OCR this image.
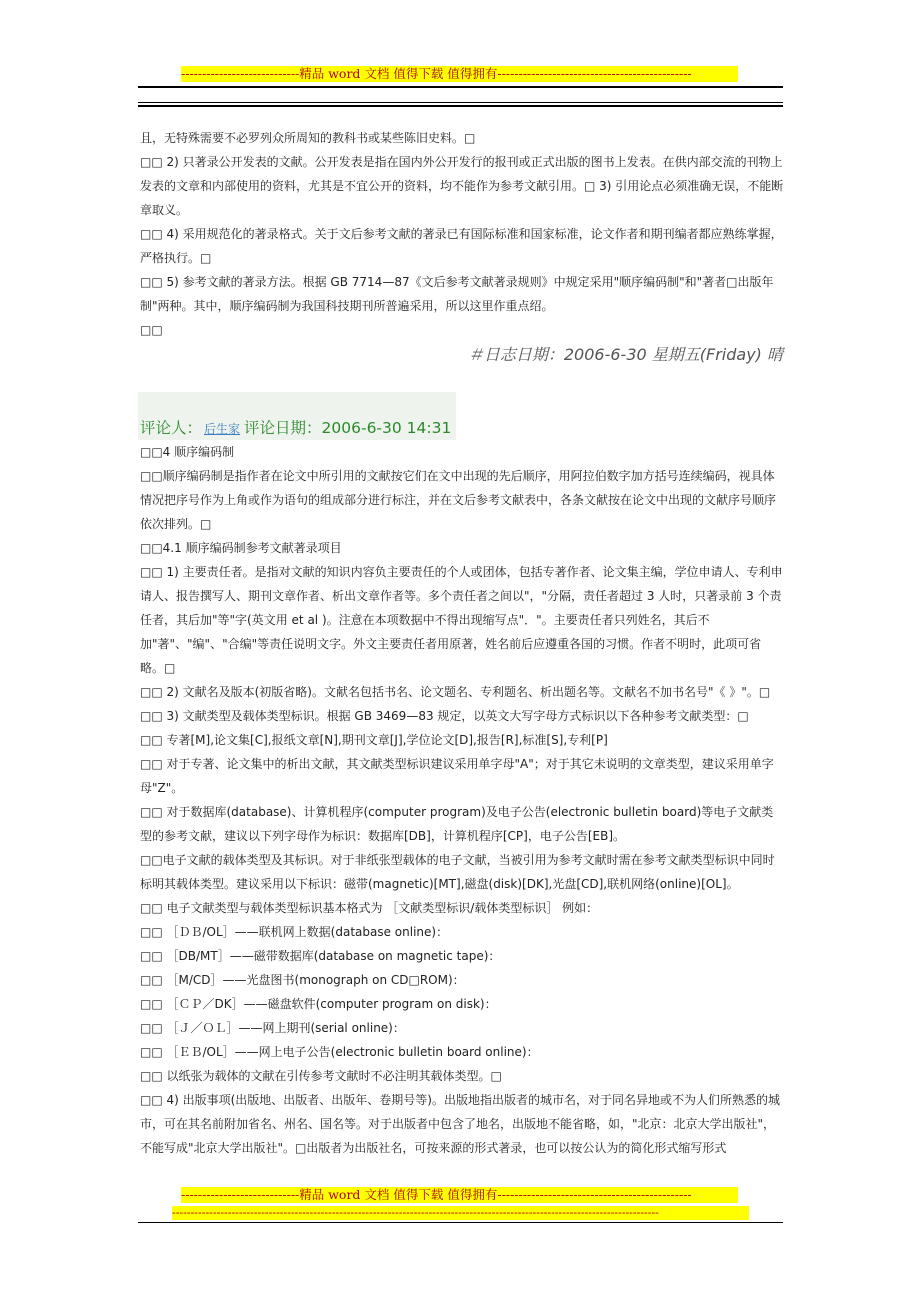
----------------------------精品 word 文档 值得下载 值得拥有----------------------------------------------

且，无特殊需要不必罗列众所周知的教科书或某些陈旧史料。□

□□ 2) 只著录公开发表的文献。公开发表是指在国内外公开发行的报刊或正式出版的图书上发表。在供内部交流的刊物上发表的文章和内部使用的资料，尤其是不宜公开的资料，均不能作为参考文献引用。□ 3) 引用论点必须准确无误，不能断章取义。

□□ 4) 采用规范化的著录格式。关于文后参考文献的著录已有国际标准和国家标准，论文作者和期刊编者都应熟练掌握，严格执行。□

□□ 5) 参考文献的著录方法。根据 GB 7714—87《文后参考文献著录规则》中规定采用"顺序编码制"和"著者□出版年制"两种。其中，顺序编码制为我国科技期刊所普遍采用，所以这里作重点绍。

□□

＃日志日期：2006-6-30 星期五(Friday) 晴
评论人： 后生家 评论日期：2006-6-30 14:31

□□4 顺序编码制

□□顺序编码制是指作者在论文中所引用的文献按它们在文中出现的先后顺序，用阿拉伯数字加方括号连续编码，视具体情况把序号作为上角或作为语句的组成部分进行标注，并在文后参考文献表中，各条文献按在论文中出现的文献序号顺序依次排列。□

□□4.1 顺序编码制参考文献著录项目

□□ 1) 主要责任者。是指对文献的知识内容负主要责任的个人或团体，包括专著作者、论文集主编，学位申请人、专利申请人、报告撰写人、期刊文章作者、析出文章作者等。多个责任者之间以"，"分隔，责任者超过 3 人时，只著录前 3 个责任者，其后加"等"字(英文用 et al )。注意在本项数据中不得出现缩写点"．"。主要责任者只列姓名，其后不加"著"、"编"、"合编"等责任说明文字。外文主要责任者用原著，姓名前后应遵重各国的习惯。作者不明时，此项可省略。□

□□ 2) 文献名及版本(初版省略)。文献名包括书名、论文题名、专利题名、析出题名等。文献名不加书名号"《 》"。□

□□ 3) 文献类型及载体类型标识。根据 GB 3469—83 规定，以英文大写字母方式标识以下各种参考文献类型：□

□□ 专著[M],论文集[C],报纸文章[N],期刊文章[J],学位论文[D],报告[R],标准[S],专利[P]

□□ 对于专著、论文集中的析出文献，其文献类型标识建议采用单字母"A"；对于其它未说明的文章类型，建议采用单字母"Z"。

□□ 对于数据库(database)、计算机程序(computer program)及电子公告(electronic bulletin board)等电子文献类型的参考文献，建议以下列字母作为标识：数据库[DB]，计算机程序[CP]，电子公告[EB]。

□□电子文献的载体类型及其标识。对于非纸张型载体的电子文献，当被引用为参考文献时需在参考文献类型标识中同时标明其载体类型。建议采用以下标识：磁带(magnetic)[MT],磁盘(disk)[DK],光盘[CD],联机网络(online)[OL]。

□□ 电子文献类型与载体类型标识基本格式为 ［文献类型标识/载体类型标识］ 例如：

□□ ［ＤＢ/OL］——联机网上数据(database online)：

□□ ［DB/MT］——磁带数据库(database on magnetic tape)：

□□ ［M/CD］——光盘图书(monograph on CD□ROM)：

□□ ［ＣＰ／DK］——磁盘软件(computer program on disk)：

□□ ［Ｊ／ＯＬ］——网上期刊(serial online)：

□□ ［ＥＢ/OL］——网上电子公告(electronic bulletin board online)：

□□ 以纸张为载体的文献在引传参考文献时不必注明其载体类型。□

□□ 4) 出版事项(出版地、出版者、出版年、卷期号等)。出版地指出版者的城市名，对于同名异地或不为人们所熟悉的城市，可在其名前附加省名、州名、国名等。对于出版者中包含了地名，出版地不能省略，如，"北京：北京大学出版社"，不能写成"北京大学出版社"。□出版者为出版社名，可按来源的形式著录，也可以按公认为的简化形式缩写形式

----------------------------精品 word 文档 值得下载 值得拥有----------------------------------------------
-----------------------------------------------------------------------------------------------------------------------------------
